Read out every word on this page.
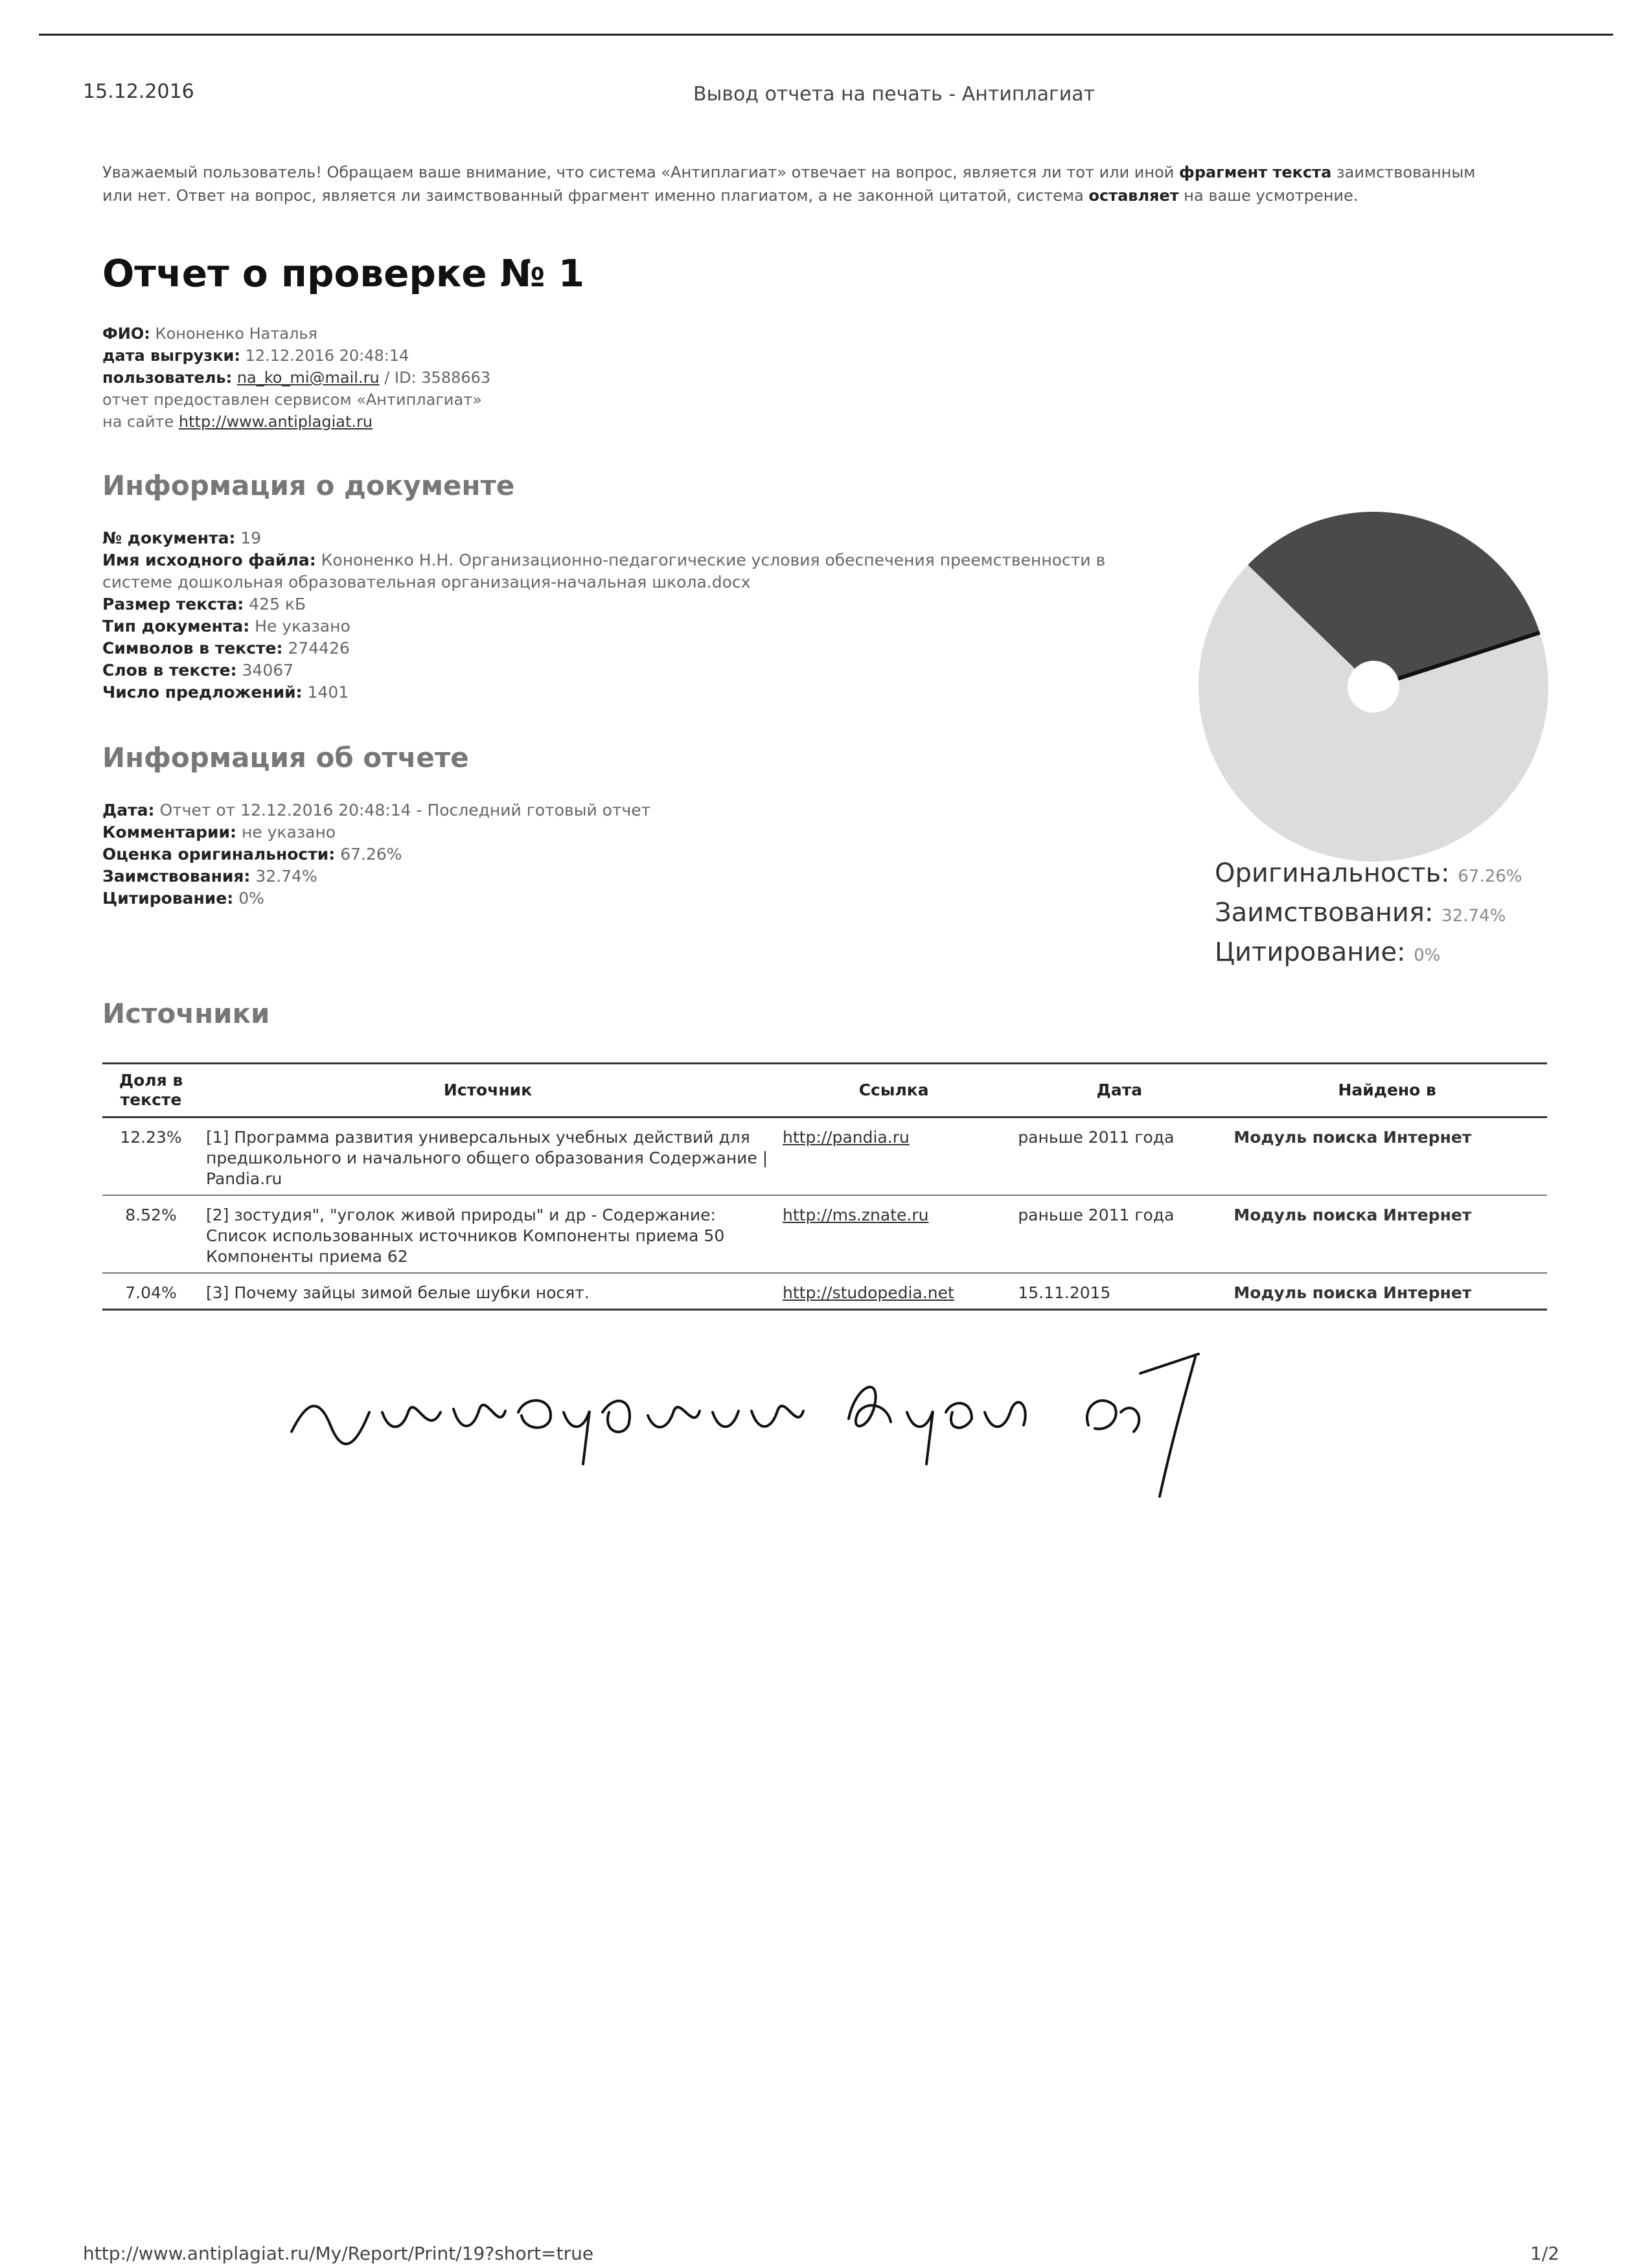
15.12.2016	Вывод отчета на печать - Антиплагиат
Уважаемый пользователь! Обращаем ваше внимание, что система «Антиплагиат» отвечает на вопрос, является ли тот или иной фрагмент текста заимствованным или нет. Ответ на вопрос, является ли заимствованный фрагмент именно плагиатом, а не законной цитатой, система оставляет на ваше усмотрение.
Отчет о проверке № 1
ФИО: Кононенко Наталья
дата выгрузки: 12.12.2016 20:48:14
пользователь: na_ko_mi@mail.ru / ID: 3588663
отчет предоставлен сервисом «Антиплагиат»
на сайте http://www.antiplagiat.ru
Информация о документе
№ документа: 19
Имя исходного файла: Кононенко Н.Н. Организационно-педагогические условия обеспечения преемственности в системе дошкольная образовательная организация-начальная школа.docx
Размер текста: 425 кБ
Тип документа: Не указано
Символов в тексте: 274426
Слов в тексте: 34067
Число предложений: 1401
Информация об отчете
Дата: Отчет от 12.12.2016 20:48:14 - Последний готовый отчет
Комментарии: не указано
Оценка оригинальности: 67.26%
Заимствования: 32.74%
Цитирование: 0%
Оригинальность: 67.26%
Заимствования: 32.74%
Цитирование: 0%
Источники
Доля в тексте	Источник	Ссылка	Дата	Найдено в
12.23%	[1] Программа развития универсальных учебных действий для предшкольного и начального общего образования Содержание | Pandia.ru	http://pandia.ru	раньше 2011 года	Модуль поиска Интернет
8.52%	[2] зостудия", "уголок живой природы" и др - Содержание: Список использованных источников Компоненты приема 50 Компоненты приема 62	http://ms.znate.ru	раньше 2011 года	Модуль поиска Интернет
7.04%	[3] Почему зайцы зимой белые шубки носят.	http://studopedia.net	15.11.2015	Модуль поиска Интернет
http://www.antiplagiat.ru/My/Report/Print/19?short=true	1/2
